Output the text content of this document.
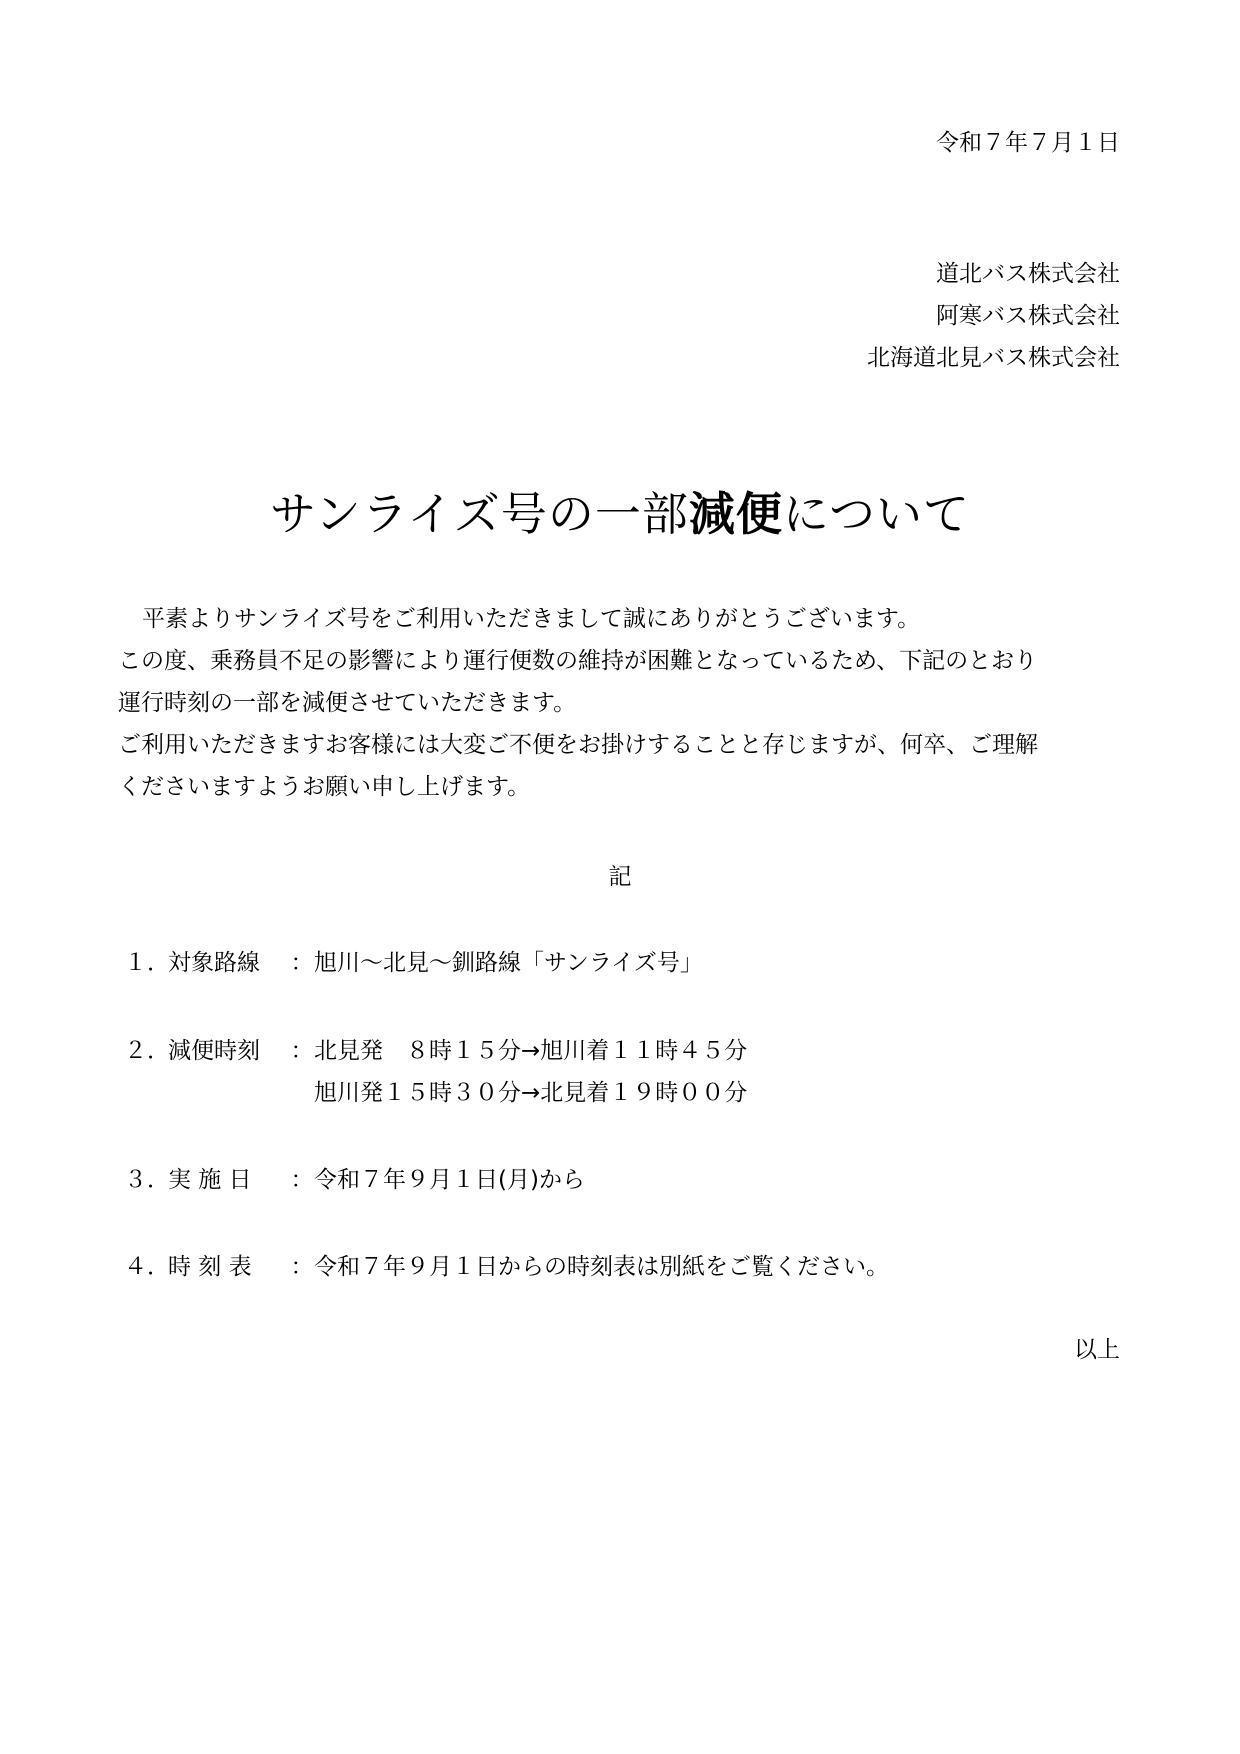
令和７年７月１日
道北バス株式会社
阿寒バス株式会社
北海道北見バス株式会社
サンライズ号の一部減便について

平素よりサンライズ号をご利用いただきまして誠にありがとうございます。

この度、乗務員不足の影響により運行便数の維持が困難となっているため、下記のとおり

運行時刻の一部を減便させていただきます。

ご利用いただきますお客様には大変ご不便をお掛けすることと存じますが、何卒、ご理解

くださいますようお願い申し上げます。

記
１．対象路線 ：旭川～北見～釧路線「サンライズ号」
２．減便時刻 ：北見発　８時１５分→旭川着１１時４５分
旭川発１５時３０分→北見着１９時００分
３．実 施 日 ：令和７年９月１日(月)から
４．時 刻 表 ：令和７年９月１日からの時刻表は別紙をご覧ください。
以上
